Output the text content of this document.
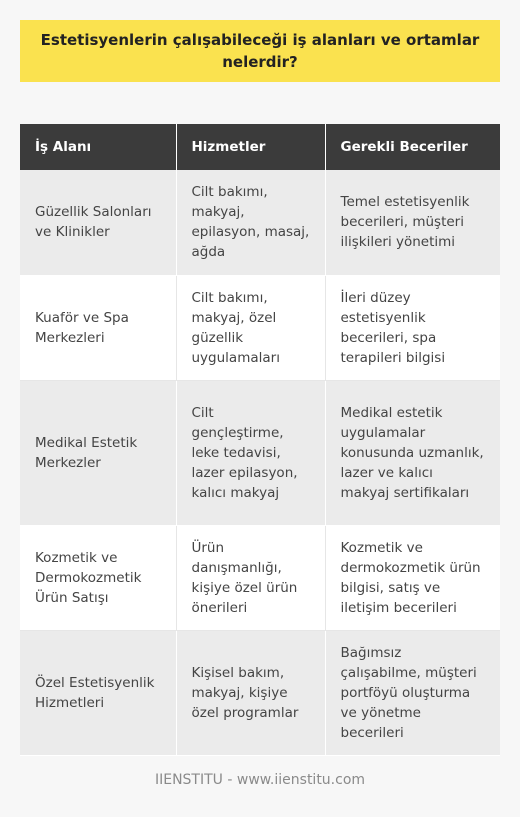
Estetisyenlerin çalışabileceği iş alanları ve ortamlar nelerdir?
İş Alanı	Hizmetler	Gerekli Beceriler
Güzellik Salonları ve Klinikler	Cilt bakımı, makyaj, epilasyon, masaj, ağda	Temel estetisyenlik becerileri, müşteri ilişkileri yönetimi
Kuaför ve Spa Merkezleri	Cilt bakımı, makyaj, özel güzellik uygulamaları	İleri düzey estetisyenlik becerileri, spa terapileri bilgisi
Medikal Estetik Merkezler	Cilt gençleştirme, leke tedavisi, lazer epilasyon, kalıcı makyaj	Medikal estetik uygulamalar konusunda uzmanlık, lazer ve kalıcı makyaj sertifikaları
Kozmetik ve Dermokozmetik Ürün Satışı	Ürün danışmanlığı, kişiye özel ürün önerileri	Kozmetik ve dermokozmetik ürün bilgisi, satış ve iletişim becerileri
Özel Estetisyenlik Hizmetleri	Kişisel bakım, makyaj, kişiye özel programlar	Bağımsız çalışabilme, müşteri portföyü oluşturma ve yönetme becerileri
IIENSTITU - www.iienstitu.com
